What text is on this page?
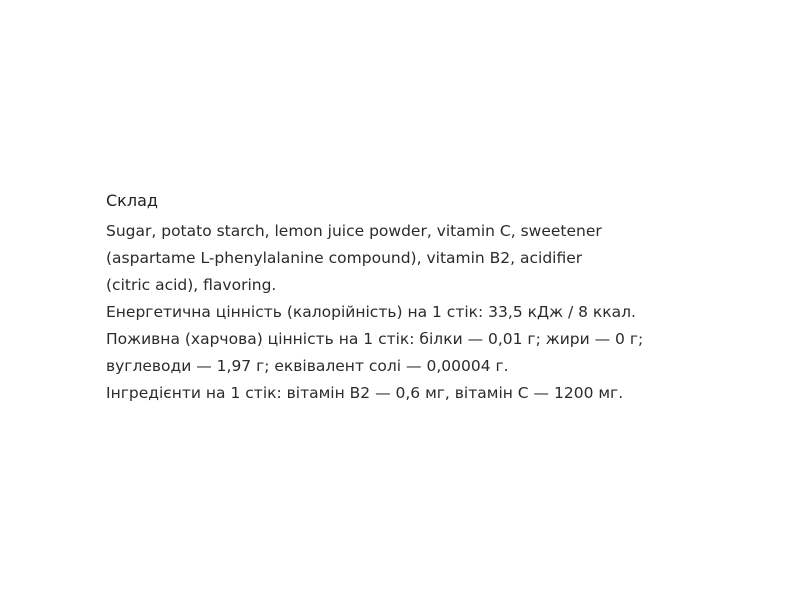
Склад

Sugar, potato starch, lemon juice powder, vitamin C, sweetener

(aspartame L-phenylalanine compound), vitamin B2, acidifier

(citric acid), flavoring.

Енергетична цінність (калорійність) на 1 стік: 33,5 кДж / 8 ккал.

Поживна (харчова) цінність на 1 стік: білки — 0,01 г; жири — 0 г;

вуглеводи — 1,97 г; еквівалент солі — 0,00004 г.

Інгредієнти на 1 стік: вітамін B2 — 0,6 мг, вітамін C — 1200 мг.
